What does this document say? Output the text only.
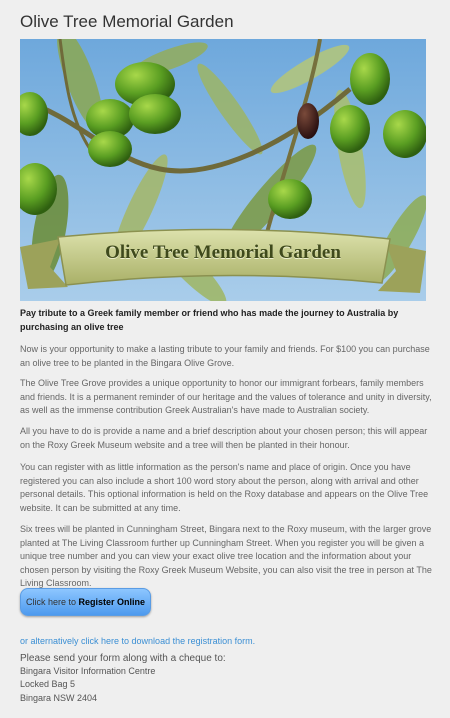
Olive Tree Memorial Garden
Olive Tree Memorial Garden

Pay tribute to a Greek family member or friend who has made the journey to Australia by purchasing an olive tree

Now is your opportunity to make a lasting tribute to your family and friends. For $100 you can purchase an olive tree to be planted in the Bingara Olive Grove.

The Olive Tree Grove provides a unique opportunity to honor our immigrant forbears, family members and friends. It is a permanent reminder of our heritage and the values of tolerance and unity in diversity, as well as the immense contribution Greek Australian's have made to Australian society.

All you have to do is provide a name and a brief description about your chosen person; this will appear on the Roxy Greek Museum website and a tree will then be planted in their honour.

You can register with as little information as the person's name and place of origin. Once you have registered you can also include a short 100 word story about the person, along with arrival and other personal details. This optional information is held on the Roxy database and appears on the Olive Tree website. It can be submitted at any time.

Six trees will be planted in Cunningham Street, Bingara next to the Roxy museum, with the larger grove planted at The Living Classroom further up Cunningham Street. When you register you will be given a unique tree number and you can view your exact olive tree location and the information about your chosen person by visiting the Roxy Greek Museum Website, you can also visit the tree in person at The Living Classroom.

Click here to Register Online
or alternatively click here to download the registration form.
Please send your form along with a cheque to:
Bingara Visitor Information Centre
Locked Bag 5
Bingara NSW 2404
